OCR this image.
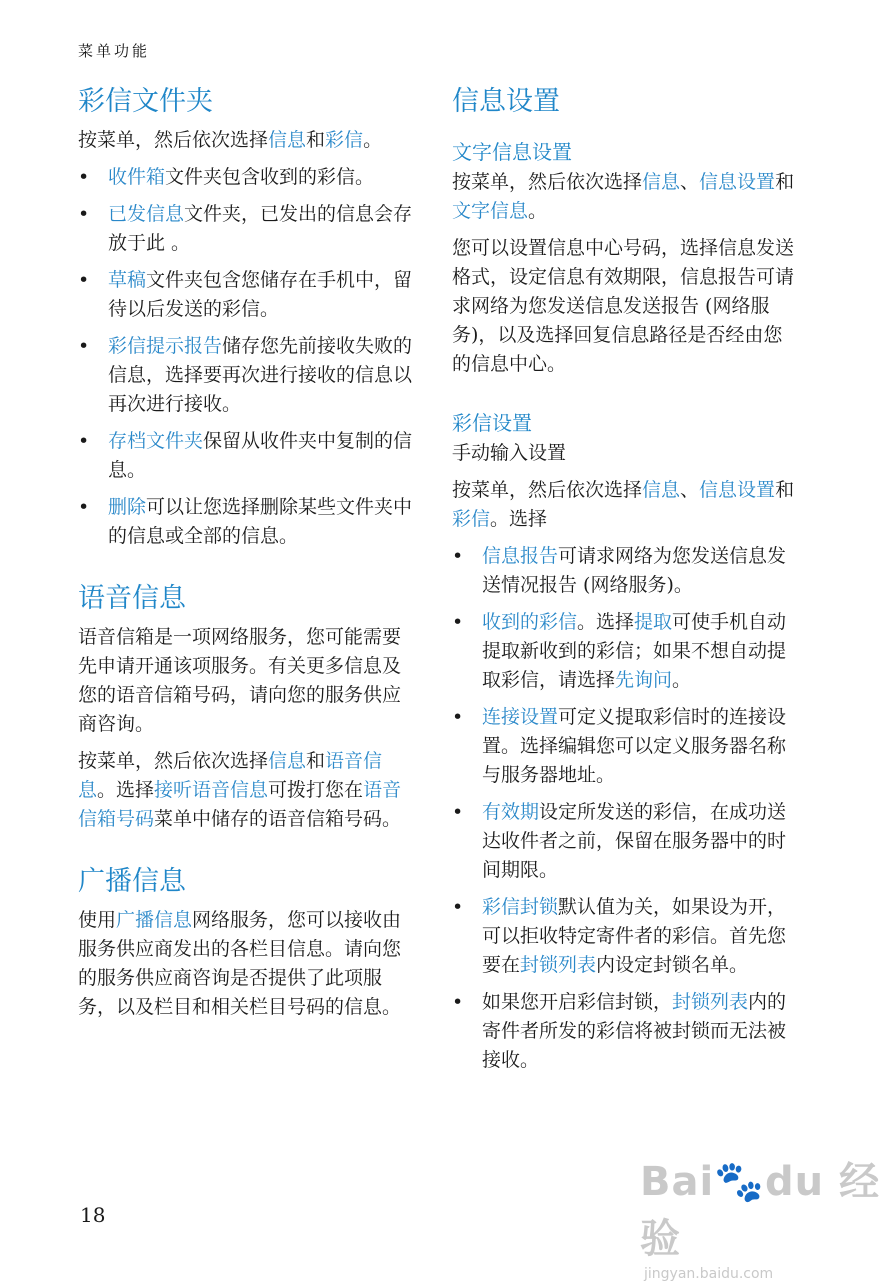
菜单功能
彩信文件夹

按菜单，然后依次选择信息和彩信。

• 收件箱文件夹包含收到的彩信。
• 已发信息文件夹，已发出的信息会存放于此 。
• 草稿文件夹包含您储存在手机中，留待以后发送的彩信。
• 彩信提示报告储存您先前接收失败的信息，选择要再次进行接收的信息以再次进行接收。
• 存档文件夹保留从收件夹中复制的信息。
• 删除可以让您选择删除某些文件夹中的信息或全部的信息。
语音信息

语音信箱是一项网络服务，您可能需要先申请开通该项服务。有关更多信息及您的语音信箱号码，请向您的服务供应商咨询。

按菜单，然后依次选择信息和语音信息。选择接听语音信息可拨打您在语音信箱号码菜单中储存的语音信箱号码。

广播信息

使用广播信息网络服务，您可以接收由服务供应商发出的各栏目信息。请向您的服务供应商咨询是否提供了此项服务，以及栏目和相关栏目号码的信息。

信息设置
文字信息设置

按菜单，然后依次选择信息、信息设置和文字信息。

您可以设置信息中心号码，选择信息发送格式，设定信息有效期限，信息报告可请求网络为您发送信息发送报告 (网络服务)，以及选择回复信息路径是否经由您的信息中心。

彩信设置

手动输入设置

按菜单，然后依次选择信息、信息设置和彩信。选择

• 信息报告可请求网络为您发送信息发送情况报告 (网络服务)。
• 收到的彩信。选择提取可使手机自动提取新收到的彩信；如果不想自动提取彩信，请选择先询问。
• 连接设置可定义提取彩信时的连接设置。选择编辑您可以定义服务器名称与服务器地址。
• 有效期设定所发送的彩信，在成功送达收件者之前，保留在服务器中的时间期限。
• 彩信封锁默认值为关，如果设为开，可以拒收特定寄件者的彩信。首先您要在封锁列表内设定封锁名单。
• 如果您开启彩信封锁，封锁列表内的寄件者所发的彩信将被封锁而无法被接收。
18
Bai🐾du 经验
jingyan.baidu.com
